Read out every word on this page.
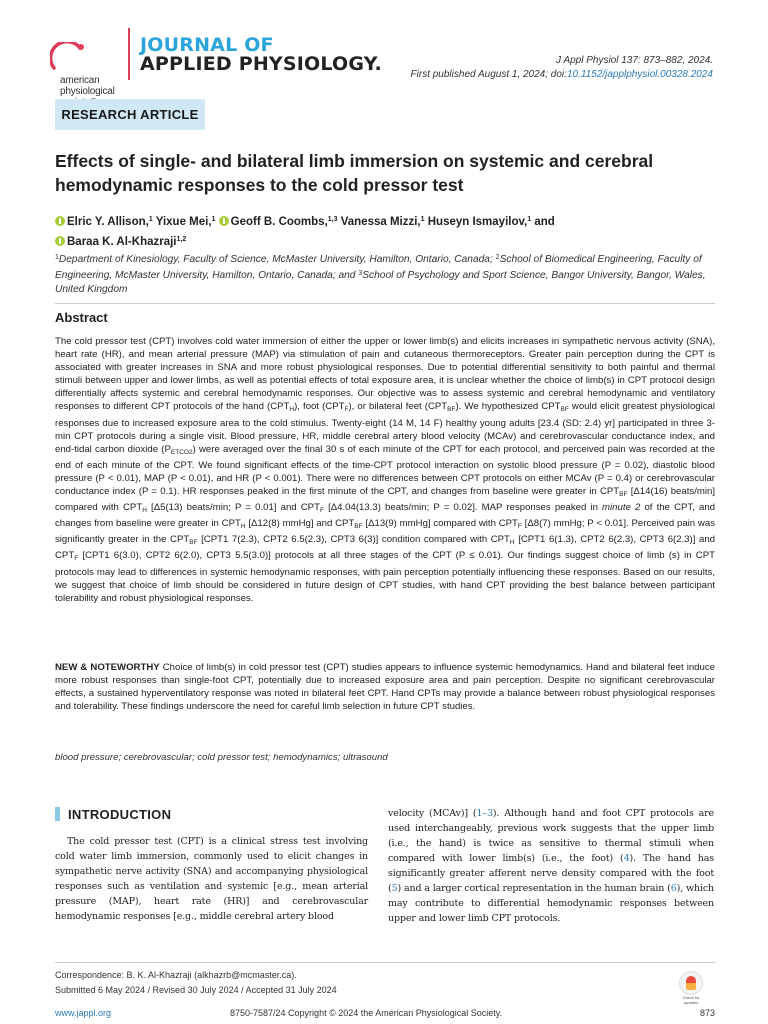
american
physiological
JOURNAL OF
APPLIED PHYSIOLOGY.	J Appl Physiol 137: 873–882, 2024.
First published August 1, 2024; doi:10.1152/japplphysiol.00328.2024
RESEARCH ARTICLE
Effects of single- and bilateral limb immersion on systemic and cerebral hemodynamic responses to the cold pressor test
Elric Y. Allison,$^1$ Yixue Mei,$^1$ Geoff B. Coombs,$^{1,3}$ Vanessa Mizzi,$^1$ Huseyn Ismayilov,$^1$ and
Baraa K. Al-Khazraji$^{1,2}$
$^1$Department of Kinesiology, Faculty of Science, McMaster University, Hamilton, Ontario, Canada; $^2$School of Biomedical Engineering, Faculty of Engineering, McMaster University, Hamilton, Ontario, Canada; and $^3$School of Psychology and Sport Science, Bangor University, Bangor, Wales, United Kingdom
Abstract

The cold pressor test (CPT) involves cold water immersion of either the upper or lower limb(s) and elicits increases in sympathetic nervous activity (SNA), heart rate (HR), and mean arterial pressure (MAP) via stimulation of pain and cutaneous thermoreceptors. Greater pain perception during the CPT is associated with greater increases in SNA and more robust physiological responses. Due to potential differential sensitivity to both painful and thermal stimuli between upper and lower limbs, as well as potential effects of total exposure area, it is unclear whether the choice of limb(s) in CPT protocol design differentially affects systemic and cerebral hemodynamic responses. Our objective was to assess systemic and cerebral hemodynamic and ventilatory responses to different CPT protocols of the hand $(CPT_H)$, foot $(CPT_F)$, or bilateral feet $(CPT_{BF})$. We hypothesized $CPT_{BF}$ would elicit greatest physiological responses due to increased exposure area to the cold stimulus. Twenty-eight (14 M, 14 F) healthy young adults [23.4 (SD: 2.4) yr] participated in three 3-min CPT protocols during a single visit. Blood pressure, HR, middle cerebral artery blood velocity (MCAv) and cerebrovascular conductance index, and end-tidal carbon dioxide $(P_{ETCO2})$ were averaged over the final 30 s of each minute of the CPT for each protocol, and perceived pain was recorded at the end of each minute of the CPT. We found significant effects of the time-CPT protocol interaction on systolic blood pressure (P = 0.02), diastolic blood pressure (P < 0.01), MAP (P < 0.01), and HR (P < 0.001). There were no differences between CPT protocols on either MCAv (P = 0.4) or cerebrovascular conductance index (P = 0.1). HR responses peaked in the first minute of the CPT, and changes from baseline were greater in $CPT_{BF}$ [Δ14(16) beats/min] compared with $CPT_H$ [Δ5(13) beats/min; P = 0.01] and $CPT_F$ [Δ4.04(13.3) beats/min; P = 0.02]. MAP responses peaked in minute 2 of the CPT, and changes from baseline were greater in $CPT_H$ [Δ12(8) mmHg] and $CPT_{BF}$ [Δ13(9) mmHg] compared with $CPT_F$ [Δ8(7) mmHg; P < 0.01]. Perceived pain was significantly greater in the $CPT_{BF}$ [CPT1 7(2.3), CPT2 6.5(2.3), CPT3 6(3)] condition compared with $CPT_H$ [CPT1 6(1.3), CPT2 6(2.3), CPT3 6(2.3)] and $CPT_F$ [CPT1 6(3.0), CPT2 6(2.0), CPT3 5.5(3.0)] protocols at all three stages of the CPT (P ≤ 0.01). Our findings suggest choice of limb (s) in CPT protocols may lead to differences in systemic hemodynamic responses, with pain perception potentially influencing these responses. Based on our results, we suggest that choice of limb should be considered in future design of CPT studies, with hand CPT providing the best balance between participant tolerability and robust physiological responses.

NEW & NOTEWORTHY Choice of limb(s) in cold pressor test (CPT) studies appears to influence systemic hemodynamics. Hand and bilateral feet induce more robust responses than single-foot CPT, potentially due to increased exposure area and pain perception. Despite no significant cerebrovascular effects, a sustained hyperventilatory response was noted in bilateral feet CPT. Hand CPTs may provide a balance between robust physiological responses and tolerability. These findings underscore the need for careful limb selection in future CPT studies.
blood pressure; cerebrovascular; cold pressor test; hemodynamics; ultrasound
INTRODUCTION

The cold pressor test (CPT) is a clinical stress test involving cold water limb immersion, commonly used to elicit changes in sympathetic nerve activity (SNA) and accompanying physiological responses such as ventilation and systemic [e.g., mean arterial pressure (MAP), heart rate (HR)] and cerebrovascular hemodynamic responses [e.g., middle cerebral artery blood

velocity (MCAv)] (1–3). Although hand and foot CPT protocols are used interchangeably, previous work suggests that the upper limb (i.e., the hand) is twice as sensitive to thermal stimuli when compared with lower limb(s) (i.e., the foot) (4). The hand has significantly greater afferent nerve density compared with the foot (5) and a larger cortical representation in the human brain (6), which may contribute to differential hemodynamic responses between upper and lower limb CPT protocols.

Correspondence: B. K. Al-Khazraji (alkhazrb@mcmaster.ca).
Submitted 6 May 2024 / Revised 30 July 2024 / Accepted 31 July 2024
Check for
updates
www.jappl.org	8750-7587/24 Copyright © 2024 the American Physiological Society.	873
